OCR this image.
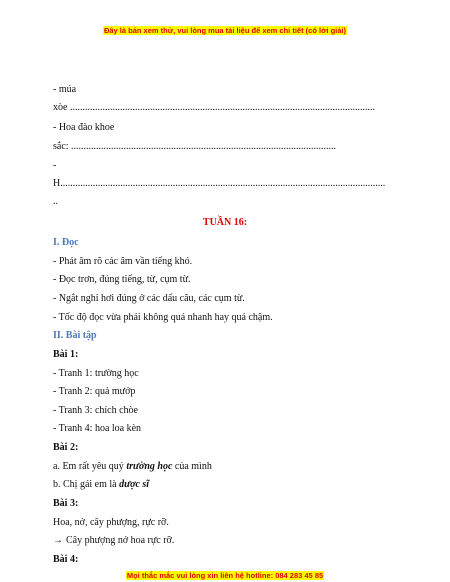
Đây là bản xem thử, vui lòng mua tài liệu để xem chi tiết (có lời giải)
- múa
xòe ..........................................................................................................................
- Hoa đào khoe
sắc: ..........................................................................................................
-
H..................................................................................................................................
..
TUẦN 16:
I. Đọc
- Phát âm rõ các âm vần tiếng khó.
- Đọc trơn, đúng tiếng, từ, cụm từ.
- Ngắt nghỉ hơi đúng ở các dấu câu, các cụm từ.
- Tốc độ đọc vừa phải không quá nhanh hay quá chậm.
II. Bài tập
Bài 1:
- Tranh 1: trường học
- Tranh 2: quả mướp
- Tranh 3: chích chòe
- Tranh 4: hoa loa kèn
Bài 2:
a. Em rất yêu quý trường học của mình
b. Chị gái em là dược sĩ
Bài 3:
Hoa, nở, cây phượng, rực rỡ.
→ Cây phượng nở hoa rực rỡ.
Bài 4:
Mọi thắc mắc vui lòng xin liên hệ hotline: 084 283 45 85
